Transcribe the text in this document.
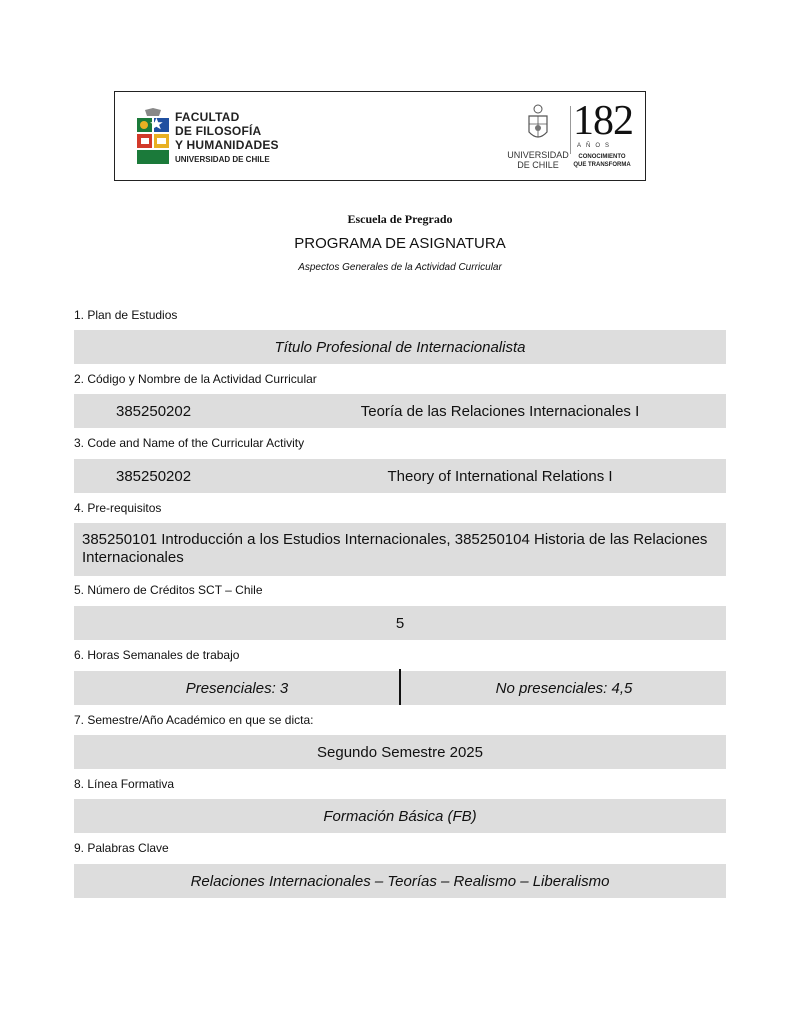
FACULTAD
DE FILOSOFÍA
Y HUMANIDADES
UNIVERSIDAD DE CHILE	UNIVERSIDAD
DE CHILE
182
AÑOS
CONOCIMIENTO
QUE TRANSFORMA
Escuela de Pregrado
PROGRAMA DE ASIGNATURA
Aspectos Generales de la Actividad Curricular
1. Plan de Estudios
Título Profesional de Internacionalista
2. Código y Nombre de la Actividad Curricular
385250202	Teoría de las Relaciones Internacionales I
3. Code and Name of the Curricular Activity
385250202	Theory of International Relations I
4. Pre-requisitos
385250101 Introducción a los Estudios Internacionales, 385250104 Historia de las Relaciones Internacionales
5. Número de Créditos SCT – Chile
5
6. Horas Semanales de trabajo
Presenciales: 3	No presenciales: 4,5
7. Semestre/Año Académico en que se dicta:
Segundo Semestre 2025
8. Línea Formativa
Formación Básica (FB)
9. Palabras Clave
Relaciones Internacionales – Teorías – Realismo – Liberalismo
